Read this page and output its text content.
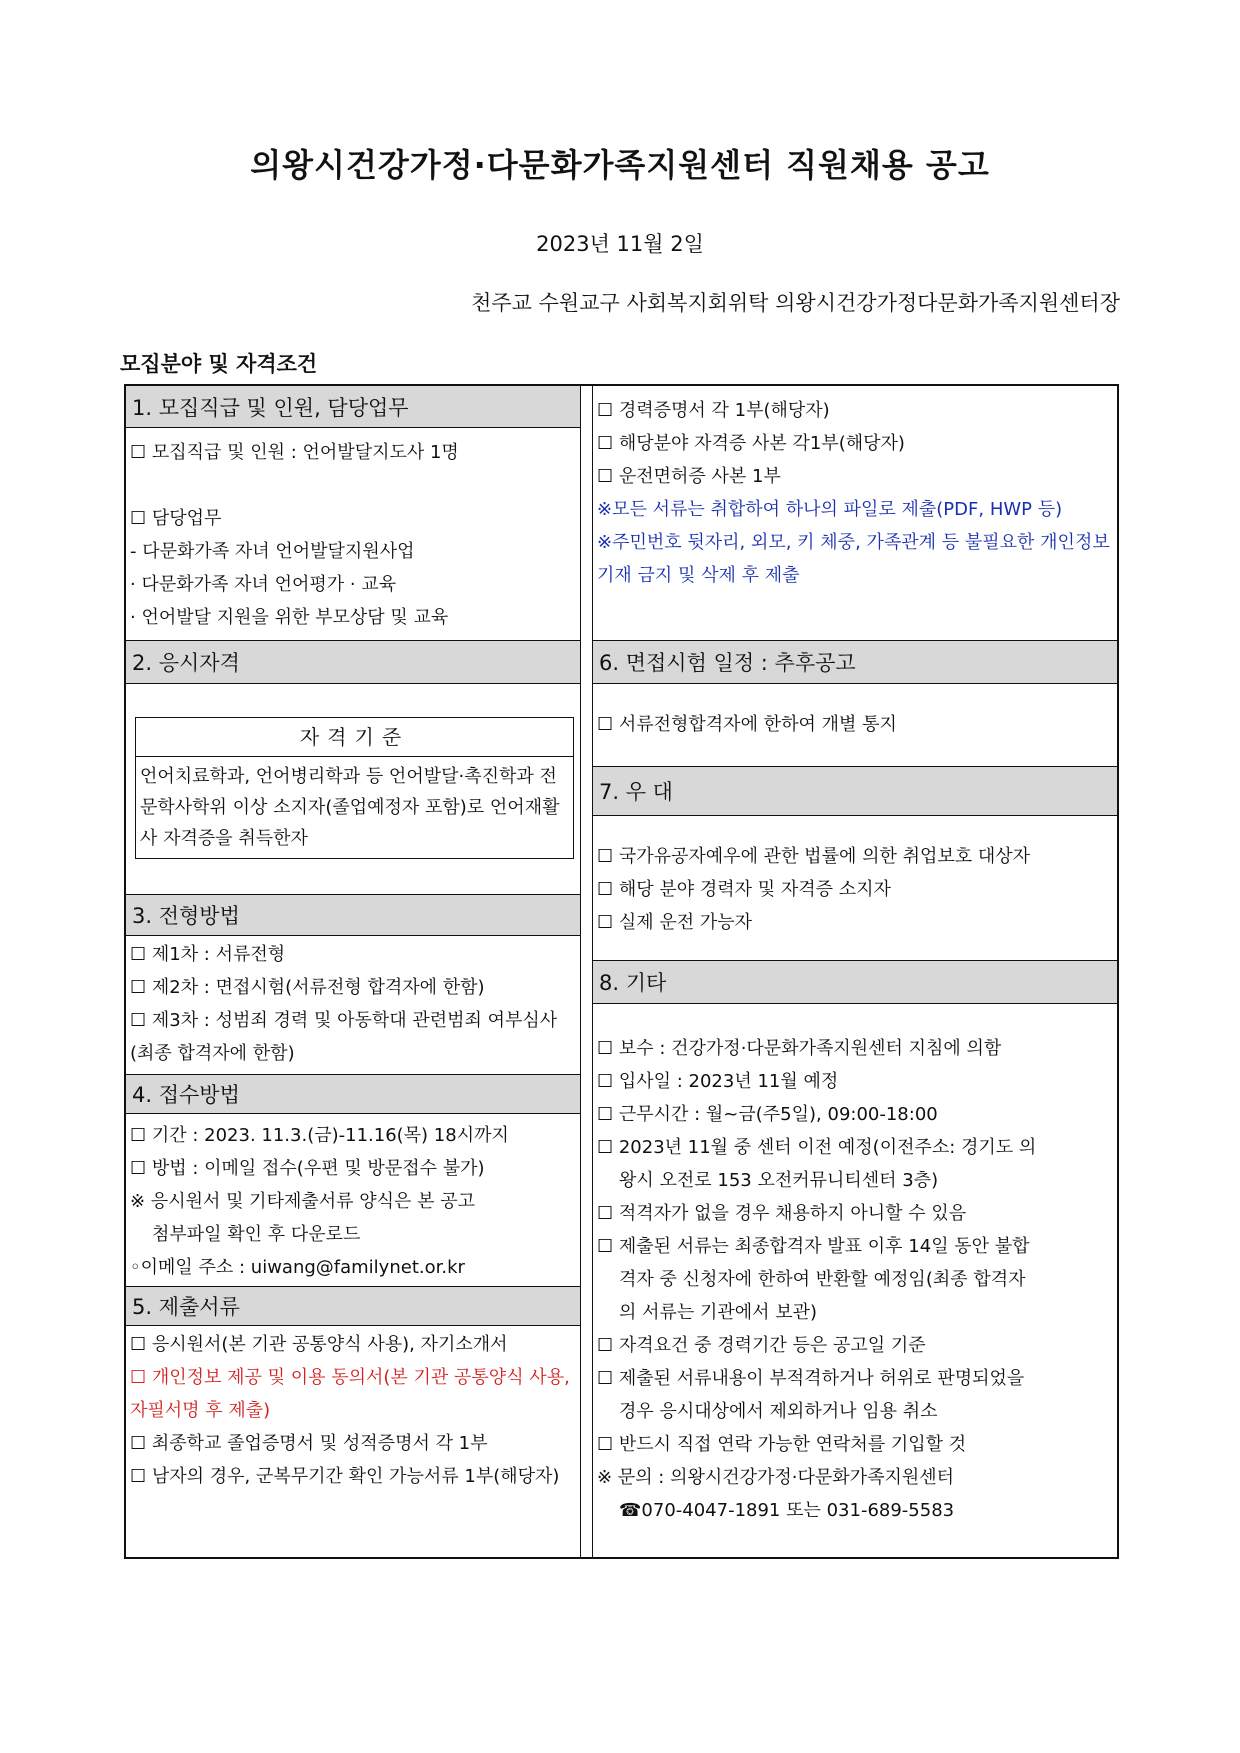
의왕시건강가정·다문화가족지원센터 직원채용 공고
2023년 11월 2일
천주교 수원교구 사회복지회위탁 의왕시건강가정다문화가족지원센터장
모집분야 및 자격조건
1. 모집직급 및 인원, 담당업무
☐ 모집직급 및 인원 : 언어발달지도사 1명

☐ 담당업무
- 다문화가족 자녀 언어발달지원사업
· 다문화가족 자녀 언어평가 · 교육
· 언어발달 지원을 위한 부모상담 및 교육
2. 응시자격
자격기준
언어치료학과, 언어병리학과 등 언어발달·촉진학과 전문학사학위 이상 소지자(졸업예정자 포함)로 언어재활사 자격증을 취득한자
3. 전형방법
☐ 제1차 : 서류전형
☐ 제2차 : 면접시험(서류전형 합격자에 한함)
☐ 제3차 : 성범죄 경력 및 아동학대 관련범죄 여부심사(최종 합격자에 한함)
4. 접수방법
☐ 기간 : 2023. 11.3.(금)-11.16(목) 18시까지
☐ 방법 : 이메일 접수(우편 및 방문접수 불가)
※ 응시원서 및 기타제출서류 양식은 본 공고
첨부파일 확인 후 다운로드
◦이메일 주소 : uiwang@familynet.or.kr
5. 제출서류
☐ 응시원서(본 기관 공통양식 사용), 자기소개서
☐ 개인정보 제공 및 이용 동의서(본 기관 공통양식 사용, 자필서명 후 제출)
☐ 최종학교 졸업증명서 및 성적증명서 각 1부
☐ 남자의 경우, 군복무기간 확인 가능서류 1부(해당자)
☐ 경력증명서 각 1부(해당자)
☐ 해당분야 자격증 사본 각1부(해당자)
☐ 운전면허증 사본 1부
※모든 서류는 취합하여 하나의 파일로 제출(PDF, HWP 등)
※주민번호 뒷자리, 외모, 키 체중, 가족관계 등 불필요한 개인정보 기재 금지 및 삭제 후 제출
6. 면접시험 일정 : 추후공고
☐ 서류전형합격자에 한하여 개별 통지
7. 우 대
☐ 국가유공자예우에 관한 법률에 의한 취업보호 대상자
☐ 해당 분야 경력자 및 자격증 소지자
☐ 실제 운전 가능자
8. 기타
☐ 보수 : 건강가정·다문화가족지원센터 지침에 의함
☐ 입사일 : 2023년 11월 예정
☐ 근무시간 : 월~금(주5일), 09:00-18:00
☐ 2023년 11월 중 센터 이전 예정(이전주소: 경기도 의
왕시 오전로 153 오전커뮤니티센터 3층)
☐ 적격자가 없을 경우 채용하지 아니할 수 있음
☐ 제출된 서류는 최종합격자 발표 이후 14일 동안 불합
격자 중 신청자에 한하여 반환할 예정임(최종 합격자
의 서류는 기관에서 보관)
☐ 자격요건 중 경력기간 등은 공고일 기준
☐ 제출된 서류내용이 부적격하거나 허위로 판명되었을
경우 응시대상에서 제외하거나 임용 취소
☐ 반드시 직접 연락 가능한 연락처를 기입할 것
※ 문의 : 의왕시건강가정·다문화가족지원센터
☎070-4047-1891 또는 031-689-5583
